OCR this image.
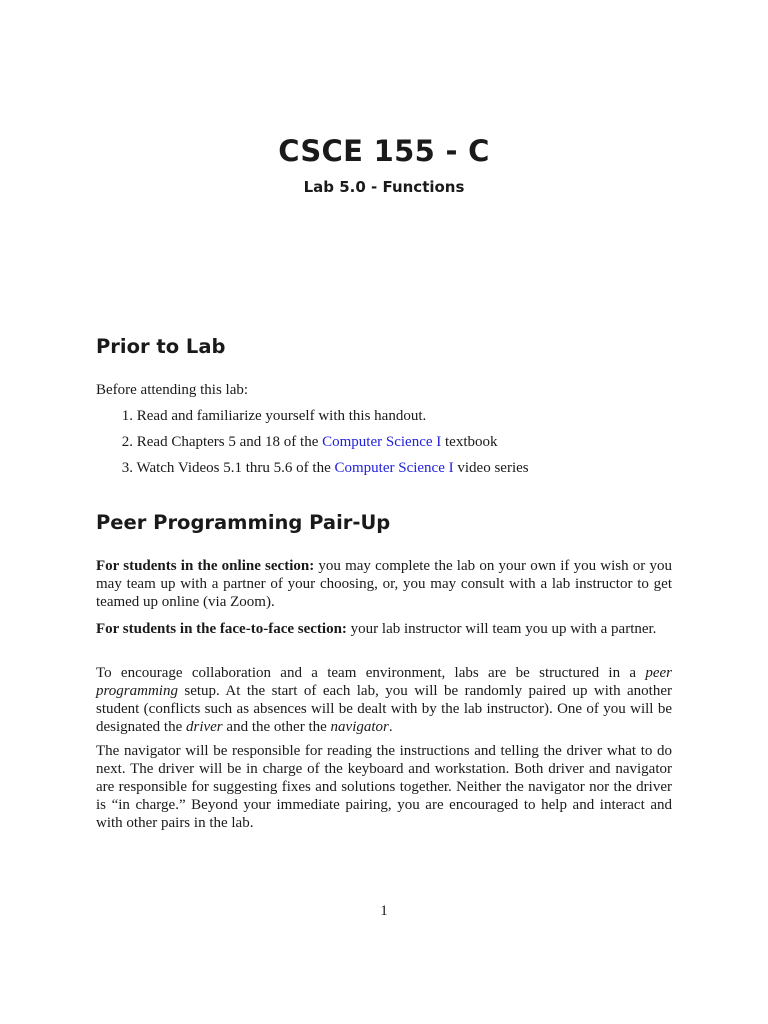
CSCE 155 - C
Lab 5.0 - Functions
Prior to Lab
Before attending this lab:
1. Read and familiarize yourself with this handout.
2. Read Chapters 5 and 18 of the Computer Science I textbook
3. Watch Videos 5.1 thru 5.6 of the Computer Science I video series
Peer Programming Pair-Up

For students in the online section: you may complete the lab on your own if you wish or you may team up with a partner of your choosing, or, you may consult with a lab instructor to get teamed up online (via Zoom).

For students in the face-to-face section: your lab instructor will team you up with a partner.

To encourage collaboration and a team environment, labs are be structured in a peer programming setup. At the start of each lab, you will be randomly paired up with another student (conflicts such as absences will be dealt with by the lab instructor). One of you will be designated the driver and the other the navigator.

The navigator will be responsible for reading the instructions and telling the driver what to do next. The driver will be in charge of the keyboard and workstation. Both driver and navigator are responsible for suggesting fixes and solutions together. Neither the navigator nor the driver is “in charge.” Beyond your immediate pairing, you are encouraged to help and interact and with other pairs in the lab.

1
